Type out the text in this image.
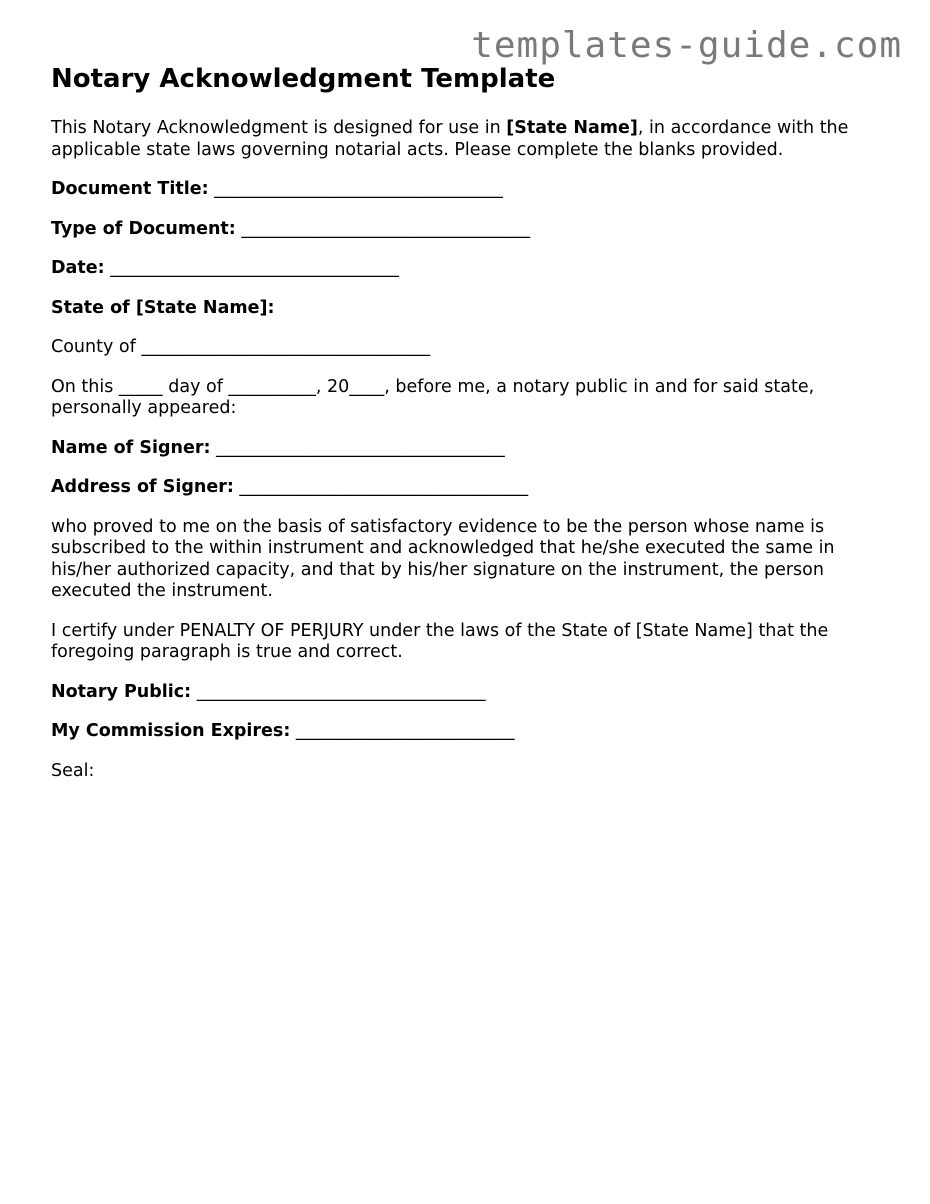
templates-guide.com
Notary Acknowledgment Template

This Notary Acknowledgment is designed for use in [State Name], in accordance with the applicable state laws governing notarial acts. Please complete the blanks provided.

Document Title: _________________________________

Type of Document: _________________________________

Date: _________________________________

State of [State Name]:

County of _________________________________

On this _____ day of __________, 20____, before me, a notary public in and for said state, personally appeared:

Name of Signer: _________________________________

Address of Signer: _________________________________

who proved to me on the basis of satisfactory evidence to be the person whose name is subscribed to the within instrument and acknowledged that he/she executed the same in his/her authorized capacity, and that by his/her signature on the instrument, the person executed the instrument.

I certify under PENALTY OF PERJURY under the laws of the State of [State Name] that the foregoing paragraph is true and correct.

Notary Public: _________________________________

My Commission Expires: _________________________

Seal:
